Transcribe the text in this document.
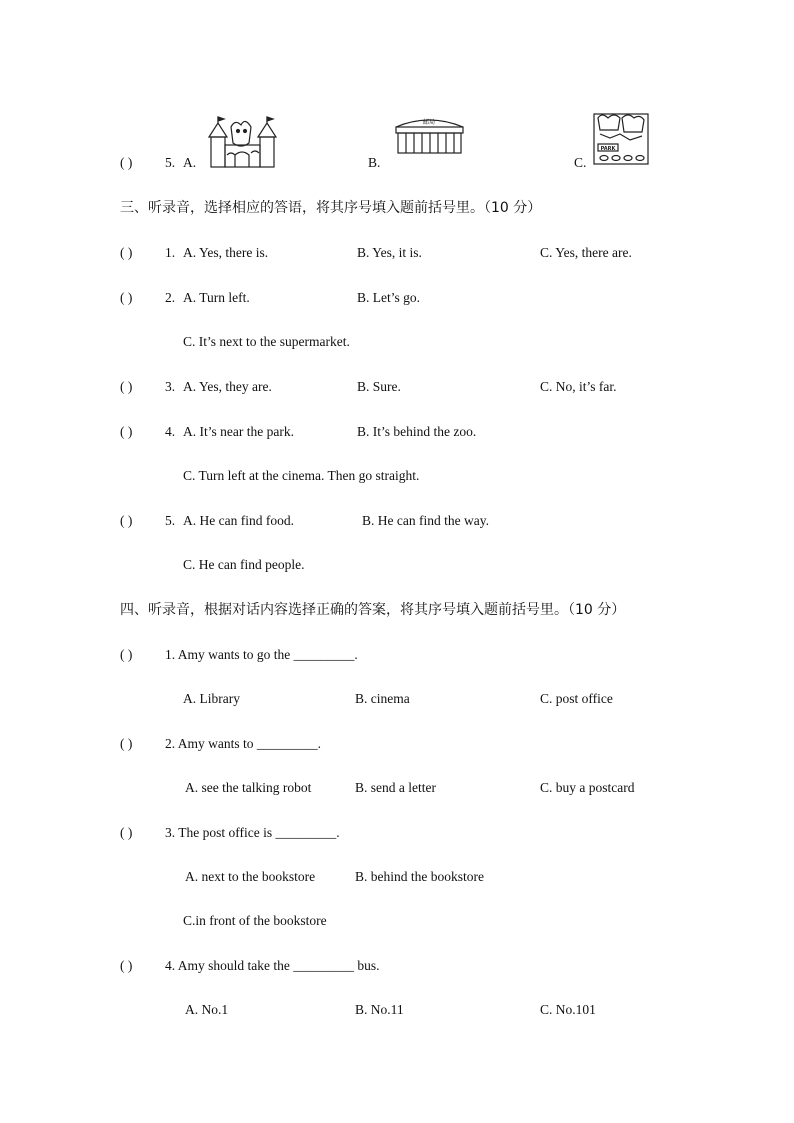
( ) 5. A.	B.
邮局
C.
PARK
三、听录音，选择相应的答语，将其序号填入题前括号里。（10 分）
( ) 1. A. Yes, there is.	B. Yes, it is.	C. Yes, there are.
( ) 2. A. Turn left.	B. Let’s go.
C. It’s next to the supermarket.
( ) 3. A. Yes, they are.	B. Sure.	C. No, it’s far.
( ) 4. A. It’s near the park.	B. It’s behind the zoo.
C. Turn left at the cinema. Then go straight.
( ) 5. A. He can find food.	B. He can find the way.
C. He can find people.
四、听录音，根据对话内容选择正确的答案，将其序号填入题前括号里。（10 分）
( ) 1. Amy wants to go the _________.
A. Library	B. cinema	C. post office
( ) 2. Amy wants to _________.
A. see the talking robot	B. send a letter	C. buy a postcard
( ) 3. The post office is _________.
A. next to the bookstore	B. behind the bookstore
C.in front of the bookstore
( ) 4. Amy should take the _________ bus.
A. No.1	B. No.11	C. No.101
